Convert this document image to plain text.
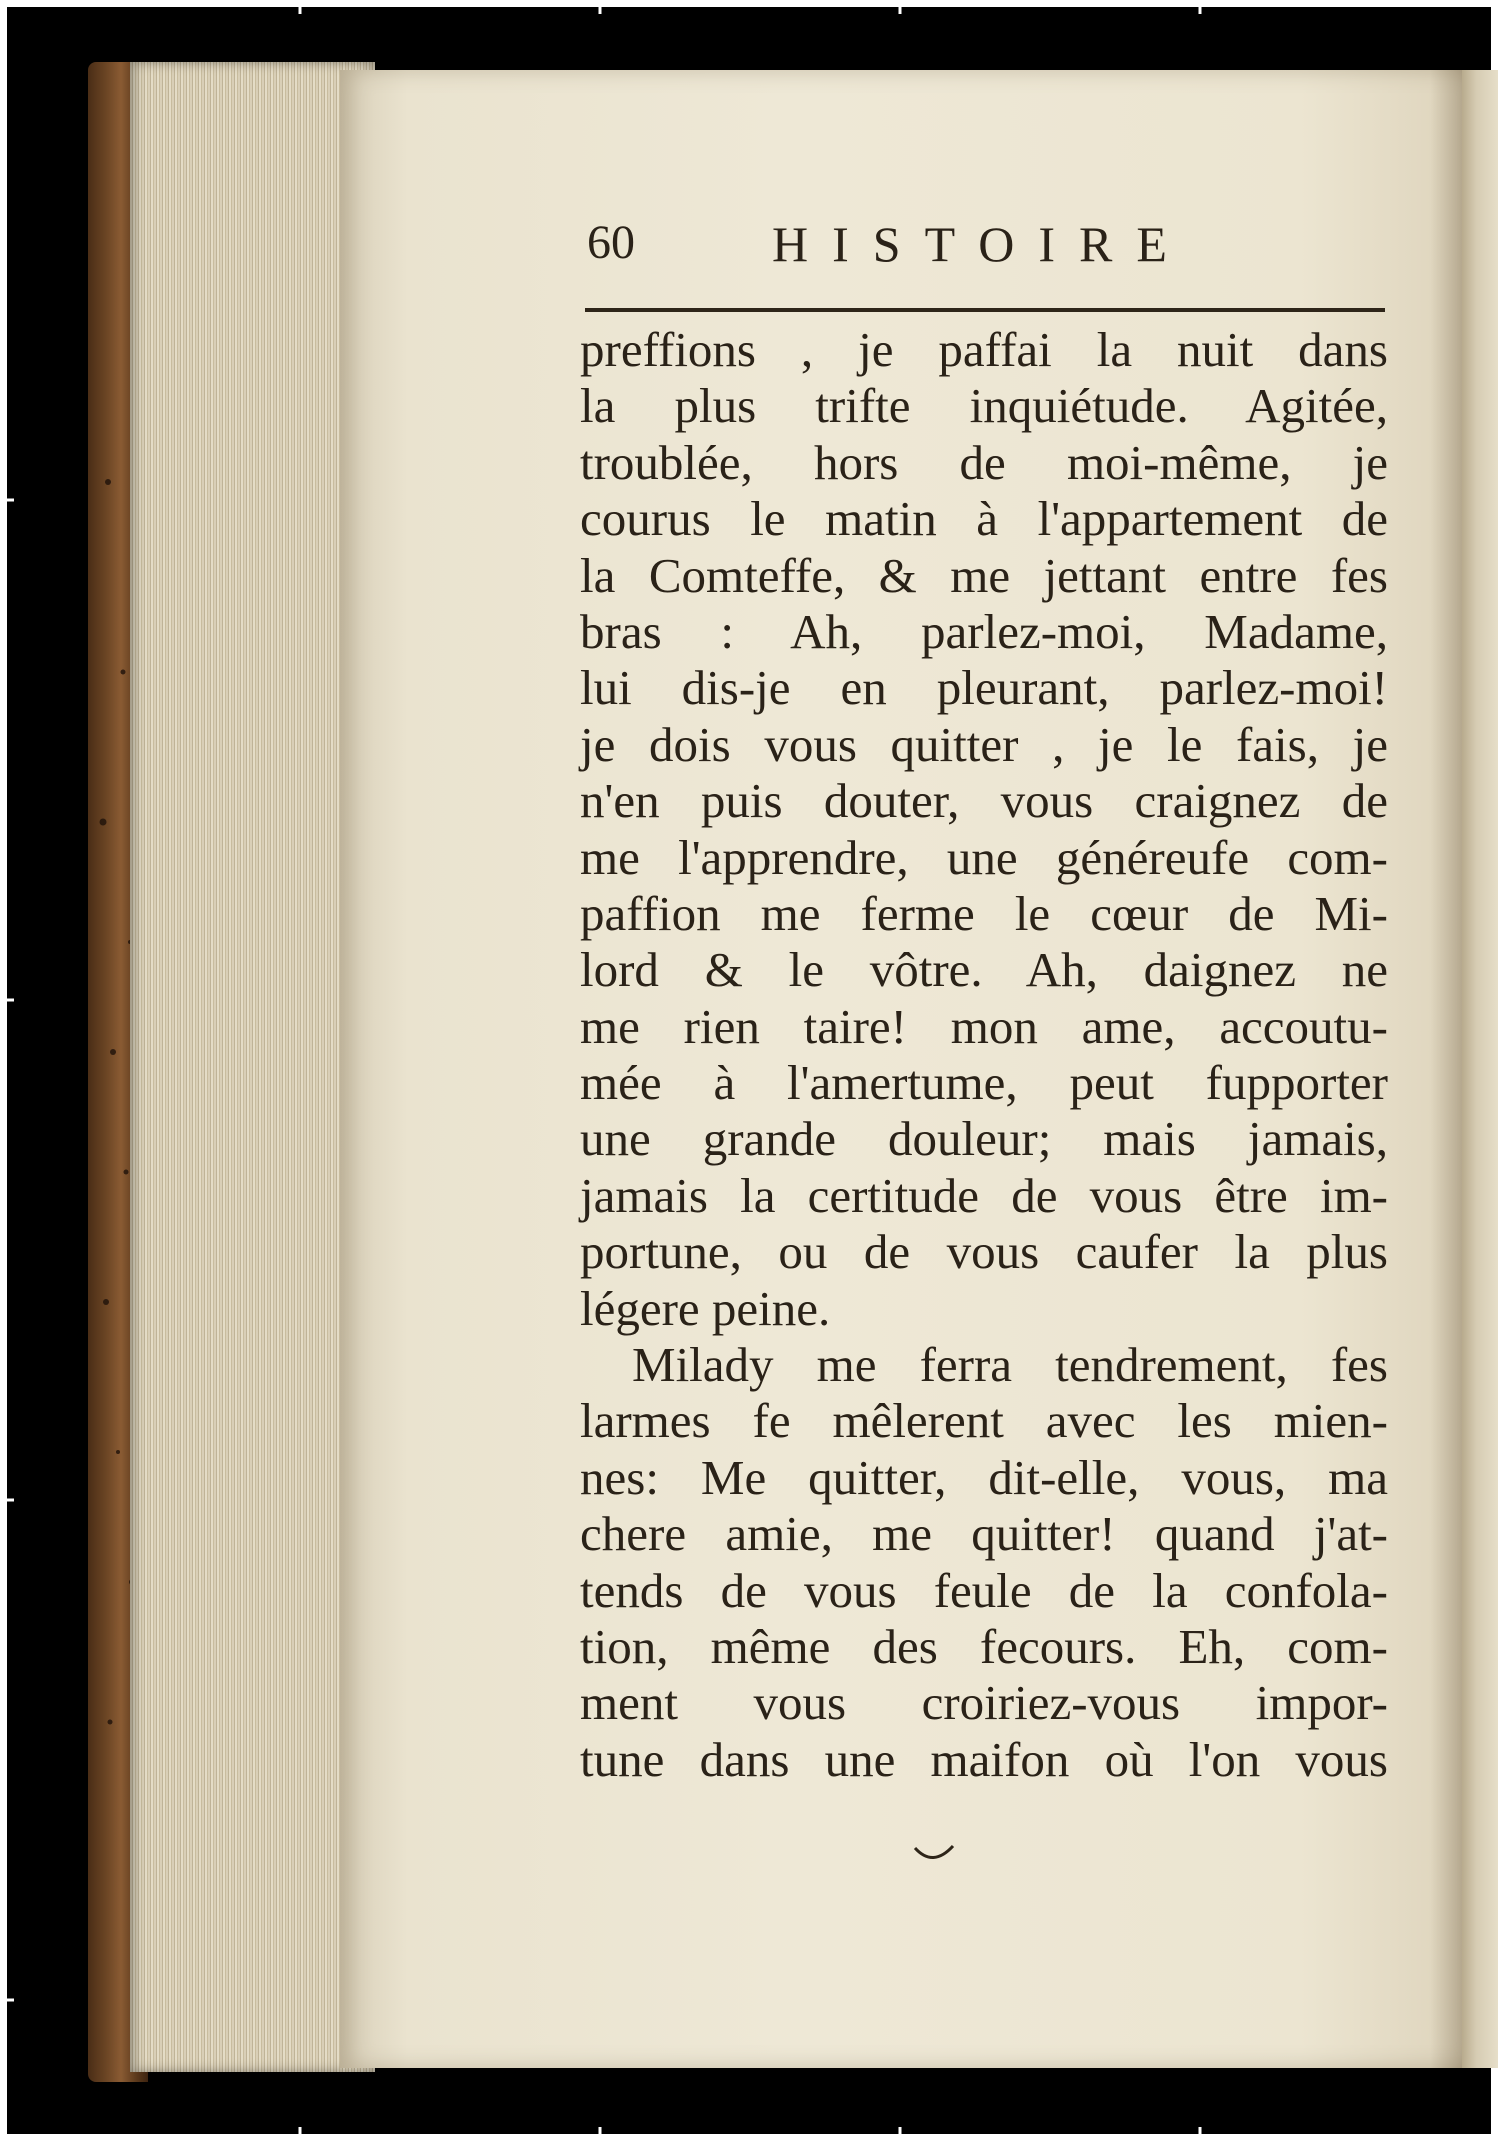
60	HISTOIRE
preffions , je paffai la nuit dans
la plus trifte inquiétude. Agitée,
troublée, hors de moi-même, je
courus le matin à l'appartement de
la Comteffe, & me jettant entre fes
bras : Ah, parlez-moi, Madame,
lui dis-je en pleurant, parlez-moi!
je dois vous quitter , je le fais, je
n'en puis douter, vous craignez de
me l'apprendre, une généreufe com-
paffion me ferme le cœur de Mi-
lord & le vôtre. Ah, daignez ne
me rien taire! mon ame, accoutu-
mée à l'amertume, peut fupporter
une grande douleur; mais jamais,
jamais la certitude de vous être im-
portune, ou de vous caufer la plus
légere peine.
Milady me ferra tendrement, fes
larmes fe mêlerent avec les mien-
nes: Me quitter, dit-elle, vous, ma
chere amie, me quitter! quand j'at-
tends de vous feule de la confola-
tion, même des fecours. Eh, com-
ment vous croiriez-vous impor-
tune dans une maifon où l'on vous
